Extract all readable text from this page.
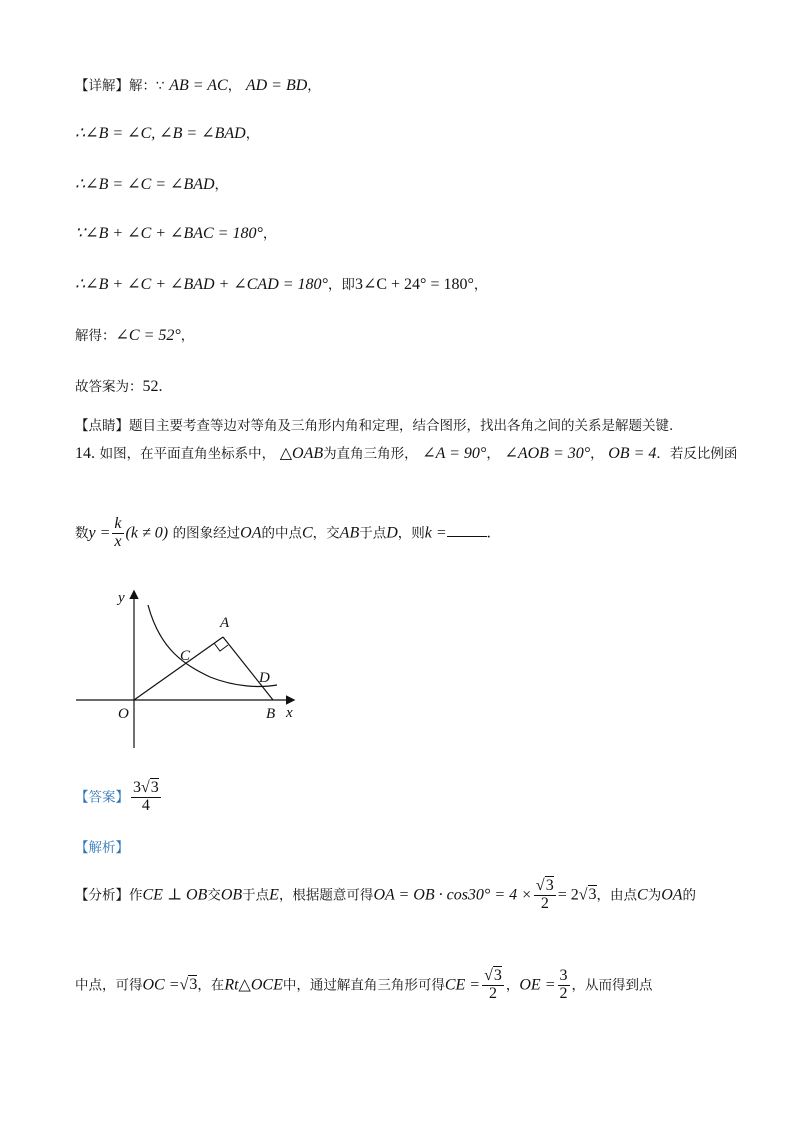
【详解】解：∵ AB = AC， AD = BD，
∴∠B = ∠C, ∠B = ∠BAD，
∴∠B = ∠C = ∠BAD，
∵∠B + ∠C + ∠BAC = 180°，
∴∠B + ∠C + ∠BAD + ∠CAD = 180°，即3∠C + 24° = 180°，
解得：∠C = 52°，
故答案为：52.
【点睛】题目主要考查等边对等角及三角形内角和定理，结合图形，找出各角之间的关系是解题关键.
14. 如图，在平面直角坐标系中， △OAB为直角三角形， ∠A = 90°， ∠AOB = 30°， OB = 4．若反比例函
数$y = \frac{k}{x} (k \ne 0)$ 的图象经过OA的中点C，交AB于点D，则k =	.
y
x
O
A
B
C
D
【答案】 $\frac{3√3}{4}$
【解析】
【分析】作CE ⊥ OB交OB于点E，根据题意可得OA = OB · $\cos 30^\circ = 4 \times \frac{√3}{2} = 2√3$，由点C为OA的
中点，可得OC =√3，在Rt△OCE中，通过解直角三角形可得CE = $\frac{√3}{2}$ ，OE = $\frac{3}{2}$ ，从而得到点
